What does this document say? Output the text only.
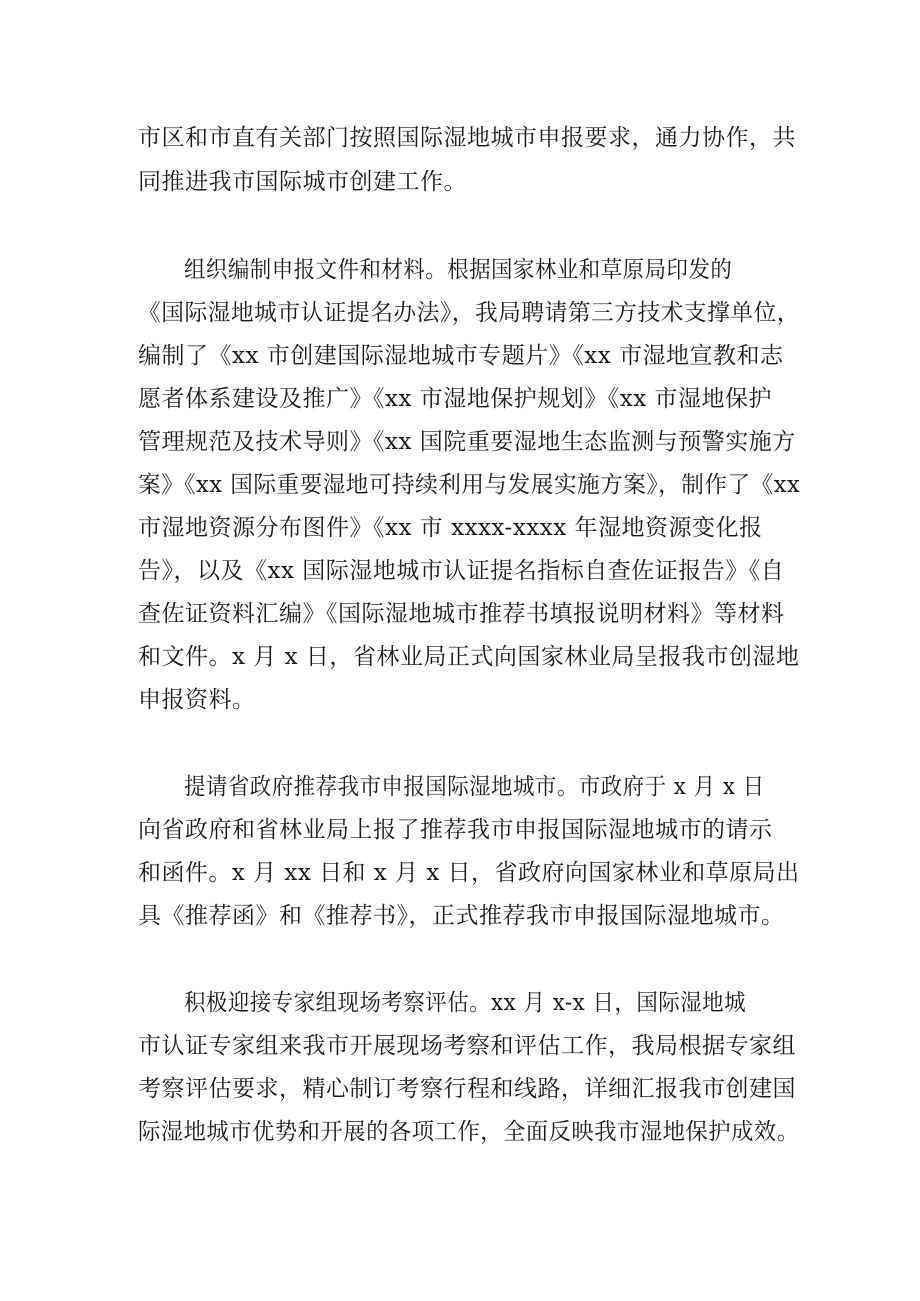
市区和市直有关部门按照国际湿地城市申报要求，通力协作，共
同推进我市国际城市创建工作。
组织编制申报文件和材料。根据国家林业和草原局印发的
《国际湿地城市认证提名办法》，我局聘请第三方技术支撑单位，
编制了《xx 市创建国际湿地城市专题片》《xx 市湿地宣教和志
愿者体系建设及推广》《xx 市湿地保护规划》《xx 市湿地保护
管理规范及技术导则》《xx 国院重要湿地生态监测与预警实施方
案》《xx 国际重要湿地可持续利用与发展实施方案》，制作了《xx
市湿地资源分布图件》《xx 市 xxxx-xxxx 年湿地资源变化报
告》，以及《xx 国际湿地城市认证提名指标自查佐证报告》《自
查佐证资料汇编》《国际湿地城市推荐书填报说明材料》等材料
和文件。x 月 x 日，省林业局正式向国家林业局呈报我市创湿地
申报资料。
提请省政府推荐我市申报国际湿地城市。市政府于 x 月 x 日
向省政府和省林业局上报了推荐我市申报国际湿地城市的请示
和函件。x 月 xx 日和 x 月 x 日，省政府向国家林业和草原局出
具《推荐函》和《推荐书》，正式推荐我市申报国际湿地城市。
积极迎接专家组现场考察评估。xx 月 x-x 日，国际湿地城
市认证专家组来我市开展现场考察和评估工作，我局根据专家组
考察评估要求，精心制订考察行程和线路，详细汇报我市创建国
际湿地城市优势和开展的各项工作，全面反映我市湿地保护成效。
